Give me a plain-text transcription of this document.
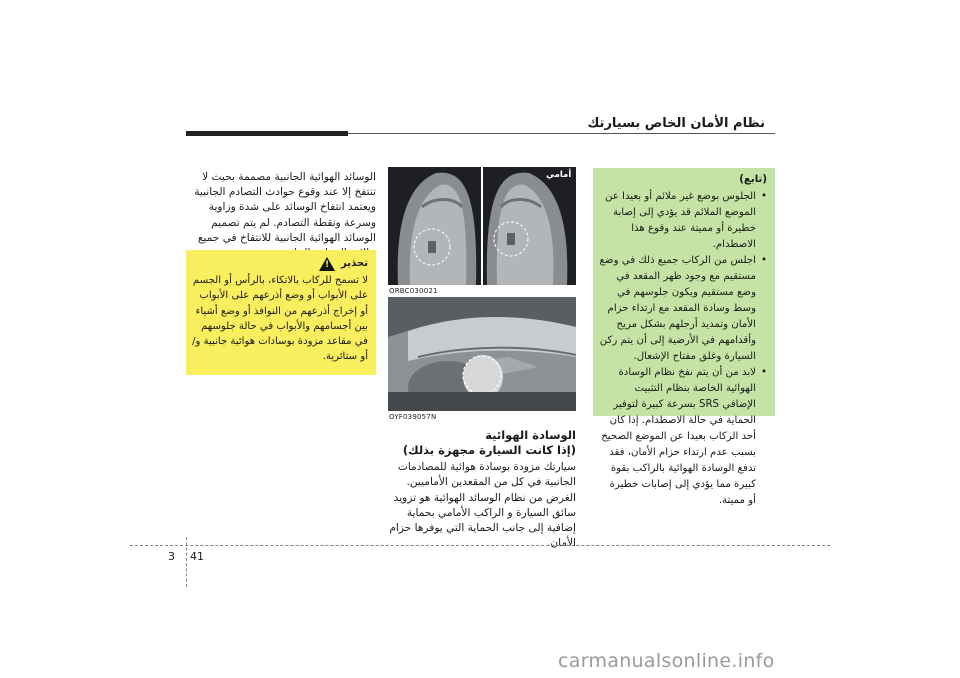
نظام الأمان الخاص بسيارتك
(تابع)
• الجلوس بوضع غير ملائم أو بعيدا عن الموضع الملائم قد يؤدي إلى إصابة خطيرة أو مميتة عند وقوع هذا الاصطدام.
• اجلس من الركاب جميع ذلك في وضع مستقيم مع وجود ظهر المقعد في وضع مستقيم ويكون جلوسهم في وسط وسادة المقعد مع ارتداء حزام الأمان وتمديد أرجلهم بشكل مريح وأقدامهم في الأرضية إلى أن يتم ركن السيارة وغلق مفتاح الإشعال.
• لابد من أن يتم نفخ نظام الوسادة الهوائية الخاصة بنظام التثبيت الإضافي SRS بسرعة كبيرة لتوفير الحماية في حالة الاصطدام. إذا كان أحد الركاب بعيدا عن الموضع الصحيح بسبب عدم ارتداء حزام الأمان، فقد تدفع الوسادة الهوائية بالراكب بقوة كبيرة مما يؤدي إلى إصابات خطيرة أو مميتة.
أمامي
ORBC030021
OYF039057N
الوسائد الهوائية الجانبية مصممة بحيث لا تنتفخ إلا عند وقوع حوادث التصادم الجانبية ويعتمد انتفاخ الوسائد على شدة وزاوية وسرعة ونقطة التصادم. لم يتم تصميم الوسائد الهوائية الجانبية للانتفاخ في جميع
تحذير
!
لا تسمح للركاب بالاتكاء، بالرأس أو الجسم على الأبواب أو وضع أذرعهم على الأبواب أو إخراج أذرعهم من النوافذ أو وضع أشياء بين أجسامهم والأبواب في حالة جلوسهم في مقاعد مزودة بوسادات هوائية جانبية و/أو ستائرية.
الوسادة الهوائية
(إذا كانت السيارة مجهزة بذلك)
سيارتك مزودة بوسادة هوائية للمصادمات الجانبية في كل من المقعدين الأماميين. الغرض من نظام الوسائد الهوائية هو تزويد سائق السيارة و الراكب الأمامي بحماية إضافية إلى جانب الحماية التي يوفرها حزام الأمان.
3 41
carmanualsonline.info
